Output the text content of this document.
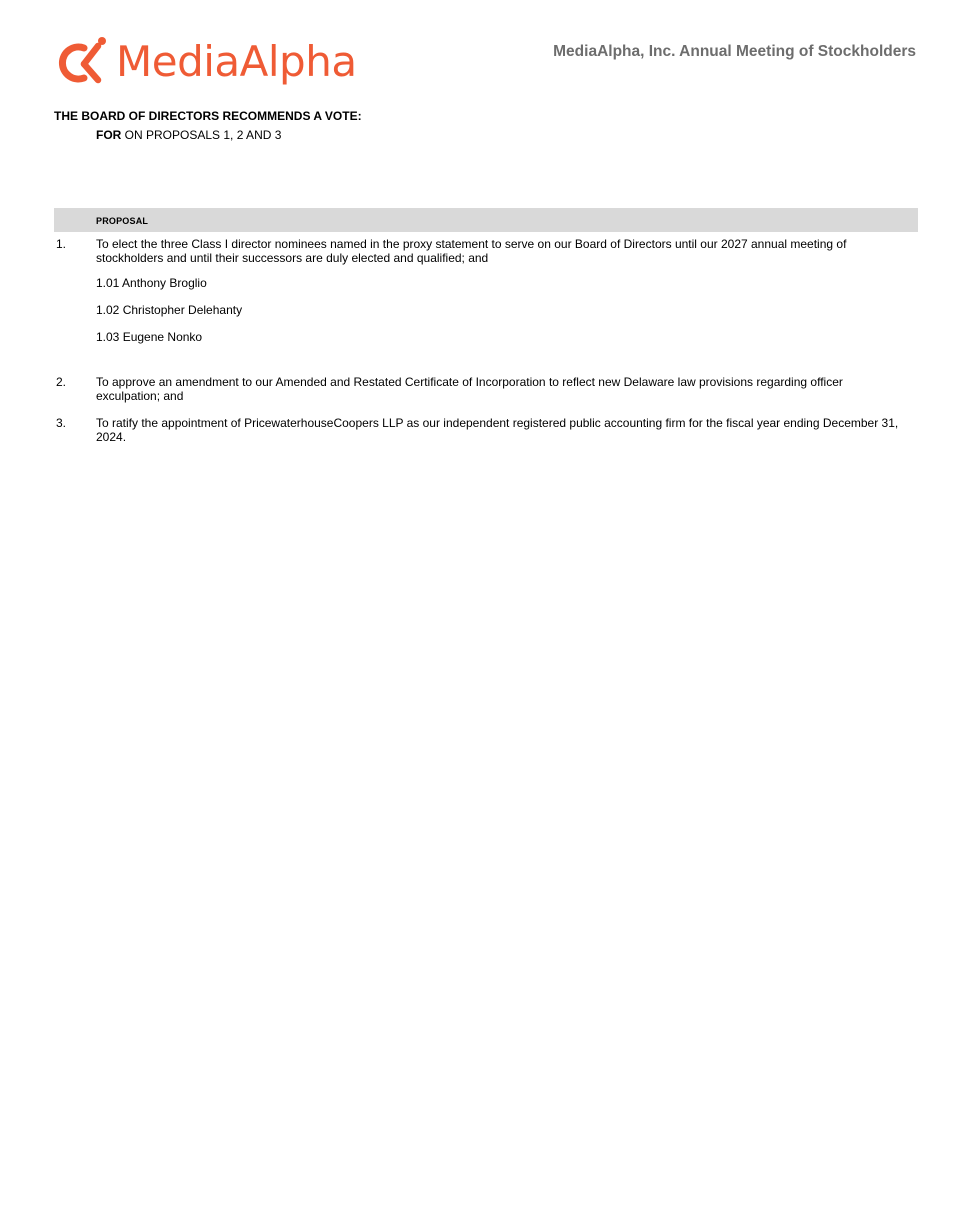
MediaAlpha	MediaAlpha, Inc. Annual Meeting of Stockholders
THE BOARD OF DIRECTORS RECOMMENDS A VOTE:
FOR ON PROPOSALS 1, 2 AND 3
PROPOSAL
1. To elect the three Class I director nominees named in the proxy statement to serve on our Board of Directors until our 2027 annual meeting of stockholders and until their successors are duly elected and qualified; and
1.01 Anthony Broglio
1.02 Christopher Delehanty
1.03 Eugene Nonko
2. To approve an amendment to our Amended and Restated Certificate of Incorporation to reflect new Delaware law provisions regarding officer exculpation; and
3. To ratify the appointment of PricewaterhouseCoopers LLP as our independent registered public accounting firm for the fiscal year ending December 31, 2024.
